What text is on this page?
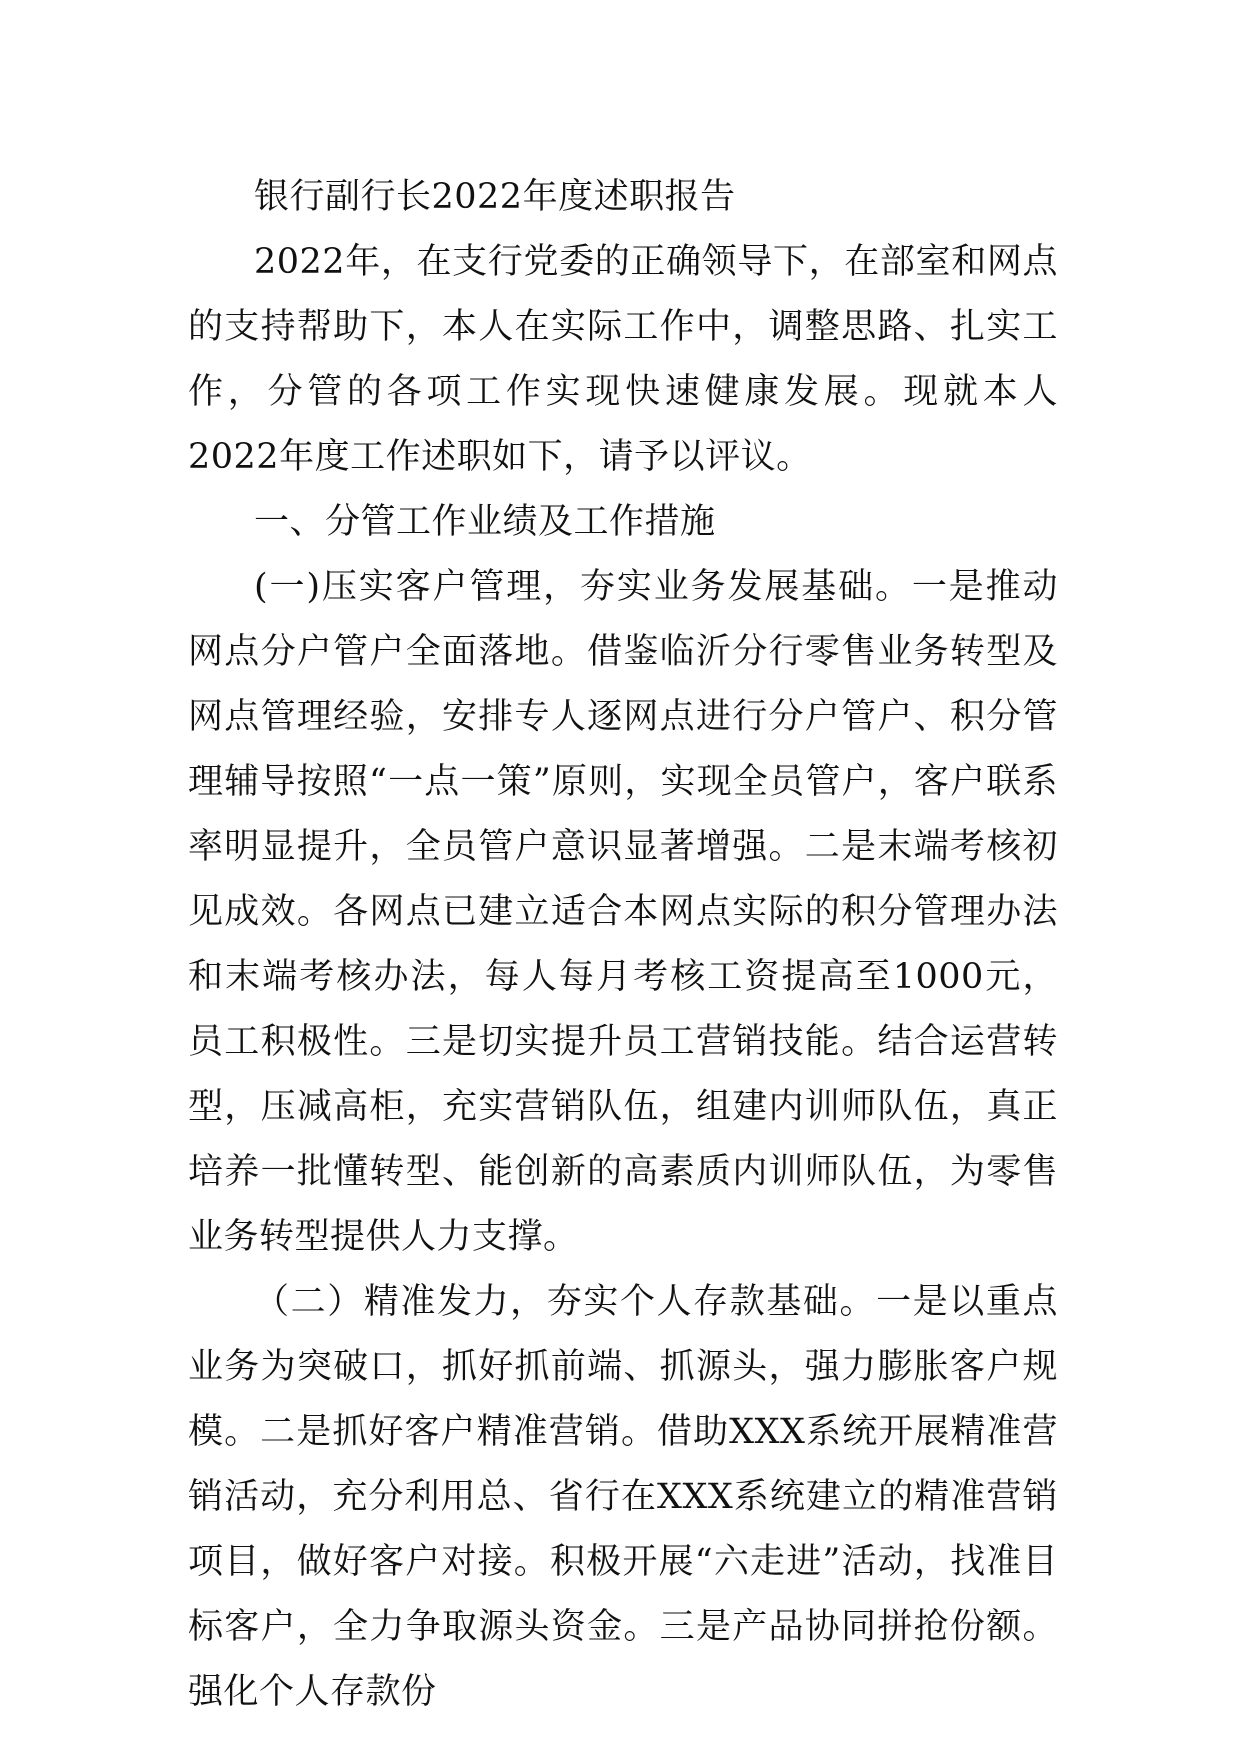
银行副行长2022年度述职报告

2022年，在支行党委的正确领导下，在部室和网点的支持帮助下，本人在实际工作中，调整思路、扎实工作，分管的各项工作实现快速健康发展。现就本人2022年度工作述职如下，请予以评议。

一、分管工作业绩及工作措施

(一)压实客户管理，夯实业务发展基础。一是推动网点分户管户全面落地。借鉴临沂分行零售业务转型及网点管理经验，安排专人逐网点进行分户管户、积分管理辅导按照“一点一策”原则，实现全员管户，客户联系率明显提升，全员管户意识显著增强。二是末端考核初见成效。各网点已建立适合本网点实际的积分管理办法和末端考核办法，每人每月考核工资提高至1000元，员工积极性。三是切实提升员工营销技能。结合运营转型，压减高柜，充实营销队伍，组建内训师队伍，真正培养一批懂转型、能创新的高素质内训师队伍，为零售业务转型提供人力支撑。

（二）精准发力，夯实个人存款基础。一是以重点业务为突破口，抓好抓前端、抓源头，强力膨胀客户规模。二是抓好客户精准营销。借助XXX系统开展精准营销活动，充分利用总、省行在XXX系统建立的精准营销项目，做好客户对接。积极开展“六走进”活动，找准目标客户，全力争取源头资金。三是产品协同拼抢份额。强化个人存款份
